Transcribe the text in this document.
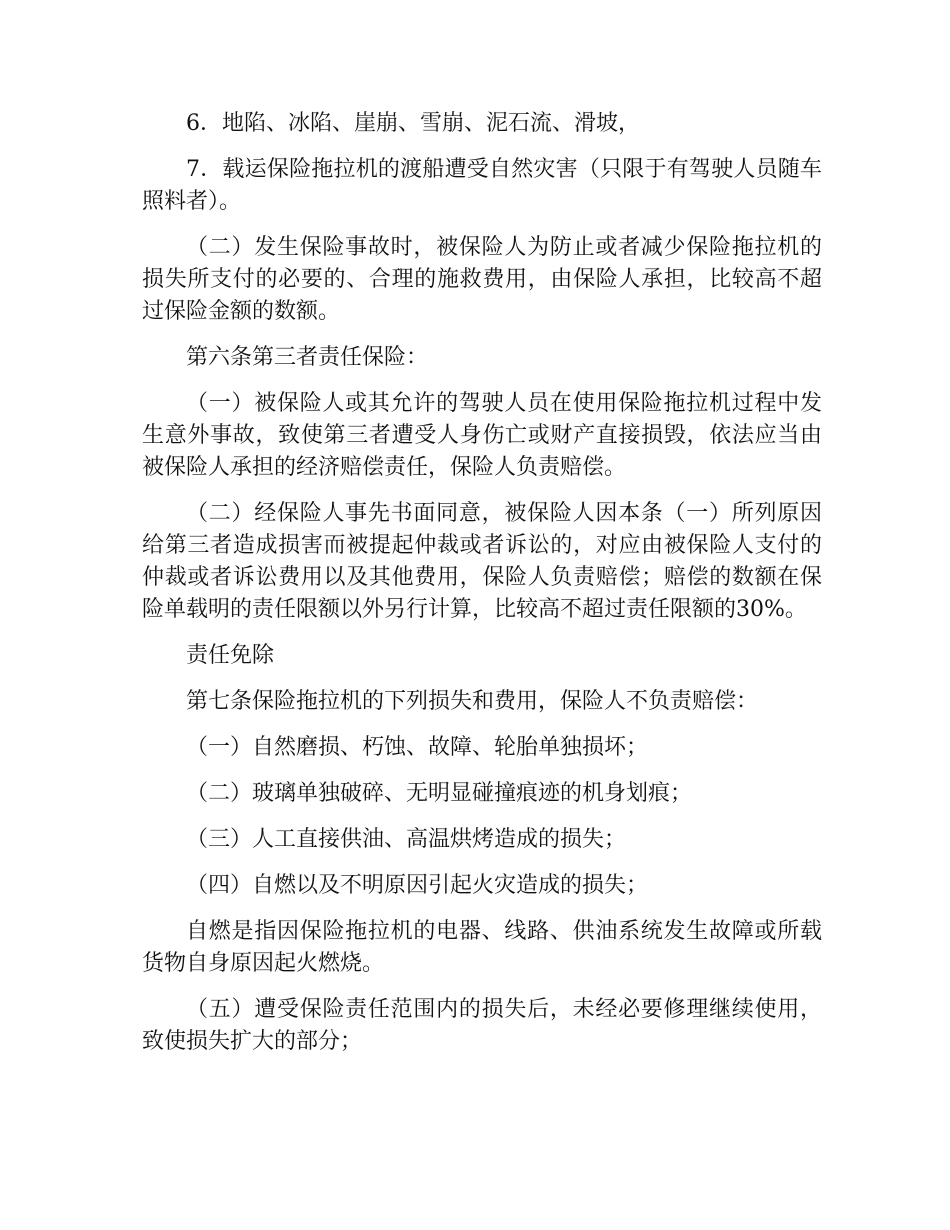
6．地陷、冰陷、崖崩、雪崩、泥石流、滑坡，

7．载运保险拖拉机的渡船遭受自然灾害（只限于有驾驶人员随车照料者）。

（二）发生保险事故时，被保险人为防止或者减少保险拖拉机的损失所支付的必要的、合理的施救费用，由保险人承担，比较高不超过保险金额的数额。

第六条第三者责任保险：

（一）被保险人或其允许的驾驶人员在使用保险拖拉机过程中发生意外事故，致使第三者遭受人身伤亡或财产直接损毁，依法应当由被保险人承担的经济赔偿责任，保险人负责赔偿。

（二）经保险人事先书面同意，被保险人因本条（一）所列原因给第三者造成损害而被提起仲裁或者诉讼的，对应由被保险人支付的仲裁或者诉讼费用以及其他费用，保险人负责赔偿；赔偿的数额在保险单载明的责任限额以外另行计算，比较高不超过责任限额的30%。

责任免除

第七条保险拖拉机的下列损失和费用，保险人不负责赔偿：

（一）自然磨损、朽蚀、故障、轮胎单独损坏；

（二）玻璃单独破碎、无明显碰撞痕迹的机身划痕；

（三）人工直接供油、高温烘烤造成的损失；

（四）自燃以及不明原因引起火灾造成的损失；

自燃是指因保险拖拉机的电器、线路、供油系统发生故障或所载货物自身原因起火燃烧。

（五）遭受保险责任范围内的损失后，未经必要修理继续使用，致使损失扩大的部分；
